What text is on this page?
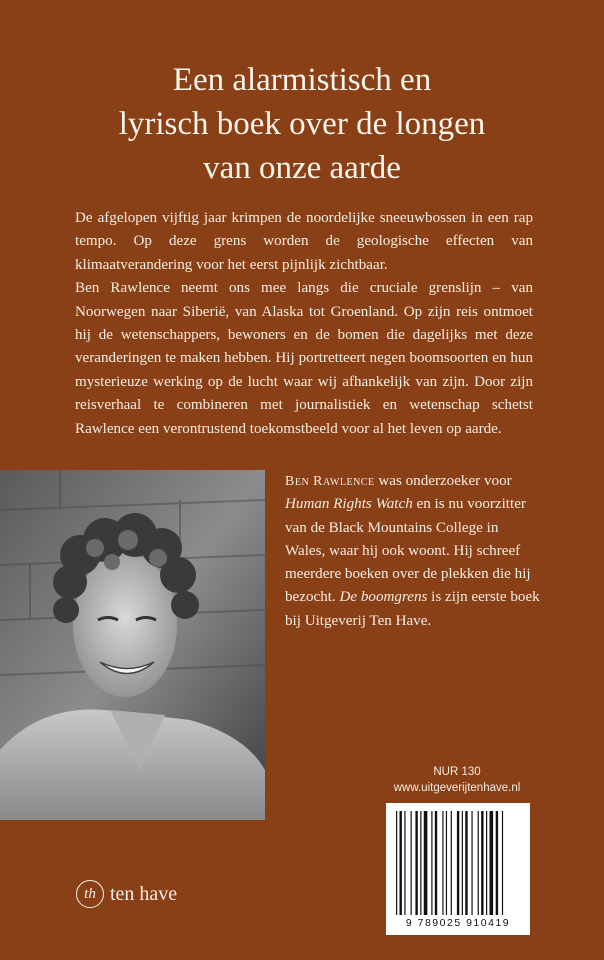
Een alarmistisch en
lyrisch boek over de longen
van onze aarde

De afgelopen vijftig jaar krimpen de noordelijke sneeuwbossen in een rap tempo. Op deze grens worden de geologische effecten van klimaatverandering voor het eerst pijnlijk zichtbaar.

Ben Rawlence neemt ons mee langs die cruciale grenslijn – van Noorwegen naar Siberië, van Alaska tot Groenland. Op zijn reis ontmoet hij de wetenschappers, bewoners en de bomen die dagelijks met deze veranderingen te maken hebben. Hij portretteert negen boomsoorten en hun mysterieuze werking op de lucht waar wij afhankelijk van zijn. Door zijn reisverhaal te combineren met journalistiek en wetenschap schetst Rawlence een verontrustend toekomstbeeld voor al het leven op aarde.

Ben Rawlence was onderzoeker voor Human Rights Watch en is nu voorzitter van de Black Mountains College in Wales, waar hij ook woont. Hij schreef meerdere boeken over de plekken die hij bezocht. De boomgrens is zijn eerste boek bij Uitgeverij Ten Have.
NUR 130
www.uitgeverijtenhave.nl
9 789025 910419
th ten have
